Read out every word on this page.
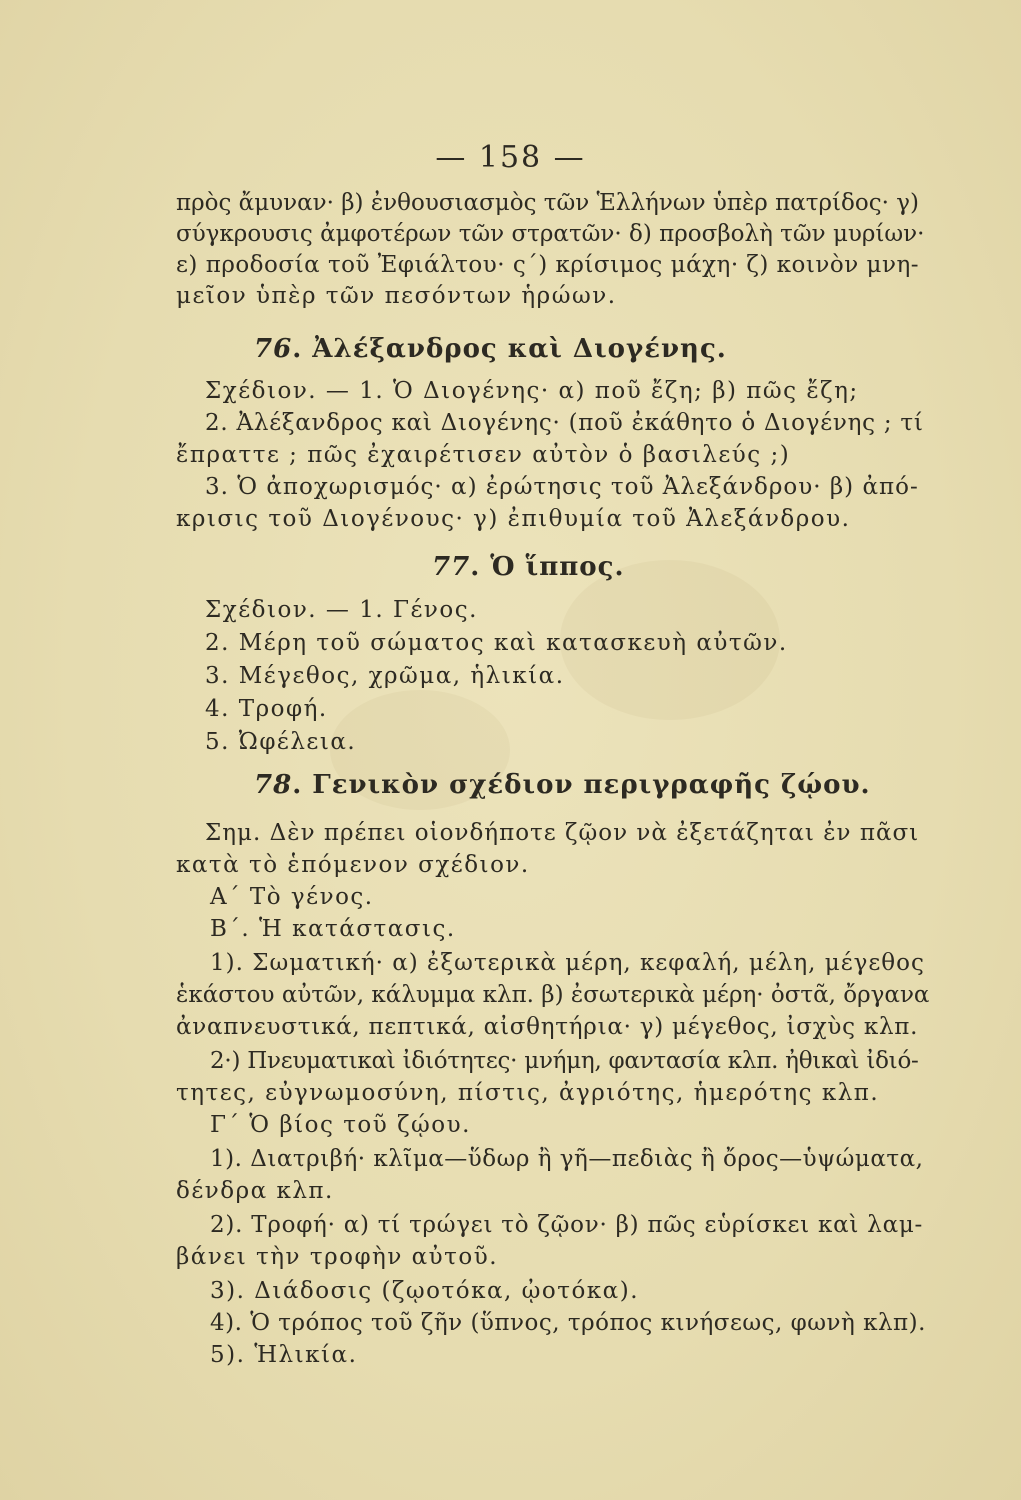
— 158 —
πρὸς ἄμυναν· β) ἐνθουσιασμὸς τῶν Ἑλλήνων ὑπὲρ πατρίδος· γ)
σύγκρουσις ἀμφοτέρων τῶν στρατῶν· δ) προσβολὴ τῶν μυρίων·
ε) προδοσία τοῦ Ἐφιάλτου· ς΄) κρίσιμος μάχη· ζ) κοινὸν μνη-
μεῖον ὑπὲρ τῶν πεσόντων ἡρώων.
76. Ἀλέξανδρος καὶ Διογένης.
Σχέδιον. — 1. Ὁ Διογένης· α) ποῦ ἔζη; β) πῶς ἔζη;
2. Ἀλέξανδρος καὶ Διογένης· (ποῦ ἐκάθητο ὁ Διογένης ; τί
ἔπραττε ; πῶς ἐχαιρέτισεν αὐτὸν ὁ βασιλεύς ;)
3. Ὁ ἀποχωρισμός· α) ἐρώτησις τοῦ Ἀλεξάνδρου· β) ἀπό-
κρισις τοῦ Διογένους· γ) ἐπιθυμία τοῦ Ἀλεξάνδρου.
77. Ὁ ἵππος.
Σχέδιον. — 1. Γένος.
2. Μέρη τοῦ σώματος καὶ κατασκευὴ αὐτῶν.
3. Μέγεθος, χρῶμα, ἡλικία.
4. Τροφή.
5. Ὠφέλεια.
78. Γενικὸν σχέδιον περιγραφῆς ζῴου.
Σημ. Δὲν πρέπει οἱονδήποτε ζῷον νὰ ἐξετάζηται ἐν πᾶσι
κατὰ τὸ ἑπόμενον σχέδιον.
Α΄ Τὸ γένος.
Β΄. Ἡ κατάστασις.
1). Σωματική· α) ἐξωτερικὰ μέρη, κεφαλή, μέλη, μέγεθος
ἑκάστου αὐτῶν, κάλυμμα κλπ. β) ἐσωτερικὰ μέρη· ὀστᾶ, ὄργανα
ἀναπνευστικά, πεπτικά, αἰσθητήρια· γ) μέγεθος, ἰσχὺς κλπ.
2·) Πνευματικαὶ ἰδιότητες· μνήμη, φαντασία κλπ. ἠθικαὶ ἰδιό-
τητες, εὐγνωμοσύνη, πίστις, ἀγριότης, ἡμερότης κλπ.
Γ΄ Ὁ βίος τοῦ ζῴου.
1). Διατριβή· κλῖμα—ὕδωρ ἢ γῆ—πεδιὰς ἢ ὄρος—ὑψώματα,
δένδρα κλπ.
2). Τροφή· α) τί τρώγει τὸ ζῷον· β) πῶς εὑρίσκει καὶ λαμ-
βάνει τὴν τροφὴν αὐτοῦ.
3). Διάδοσις (ζῳοτόκα, ᾠοτόκα).
4). Ὁ τρόπος τοῦ ζῆν (ὕπνος, τρόπος κινήσεως, φωνὴ κλπ).
5). Ἡλικία.
